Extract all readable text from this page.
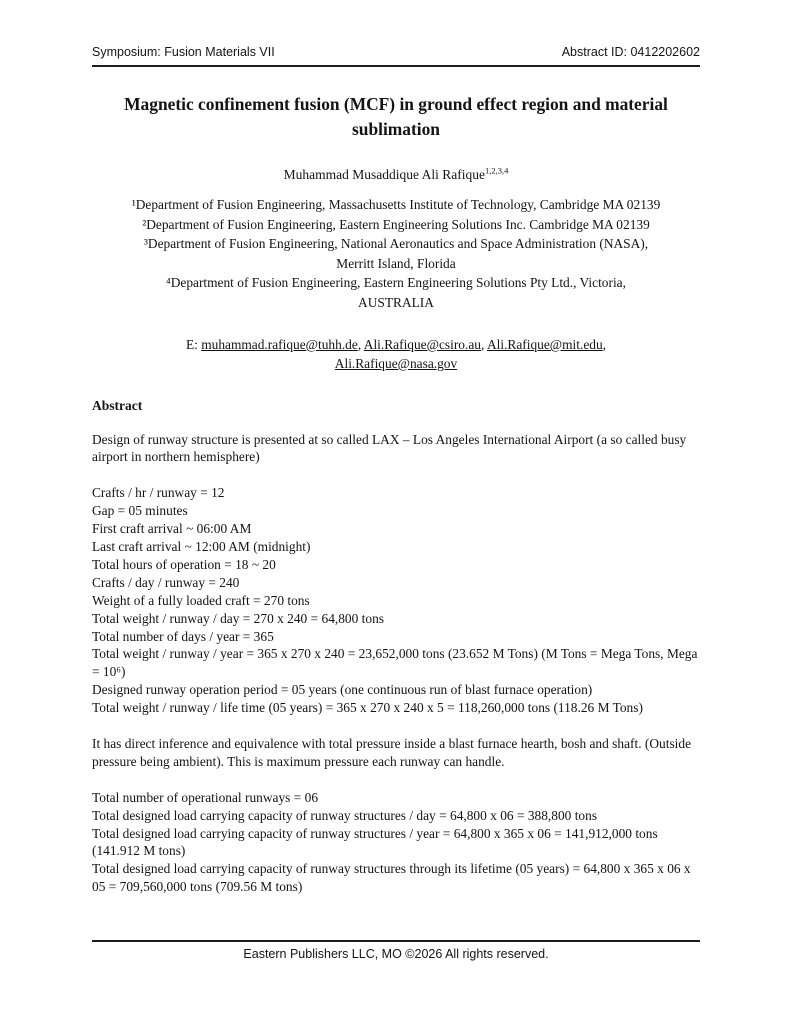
Symposium: Fusion Materials VII	Abstract ID: 0412202602
Magnetic confinement fusion (MCF) in ground effect region and material sublimation
Muhammad Musaddique Ali Rafique$^{1,2,3,4}$
¹Department of Fusion Engineering, Massachusetts Institute of Technology, Cambridge MA 02139
²Department of Fusion Engineering, Eastern Engineering Solutions Inc. Cambridge MA 02139
³Department of Fusion Engineering, National Aeronautics and Space Administration (NASA),
Merritt Island, Florida
⁴Department of Fusion Engineering, Eastern Engineering Solutions Pty Ltd., Victoria,
AUSTRALIA
E: muhammad.rafique@tuhh.de, Ali.Rafique@csiro.au, Ali.Rafique@mit.edu,
Ali.Rafique@nasa.gov
Abstract
Design of runway structure is presented at so called LAX – Los Angeles International Airport (a so called busy airport in northern hemisphere)
Crafts / hr / runway = 12
Gap = 05 minutes
First craft arrival ~ 06:00 AM
Last craft arrival ~ 12:00 AM (midnight)
Total hours of operation = 18 ~ 20
Crafts / day / runway = 240
Weight of a fully loaded craft = 270 tons
Total weight / runway / day = 270 x 240 = 64,800 tons
Total number of days / year = 365
Total weight / runway / year = 365 x 270 x 240 = 23,652,000 tons (23.652 M Tons) (M Tons = Mega Tons, Mega = 10⁶)
Designed runway operation period = 05 years (one continuous run of blast furnace operation)
Total weight / runway / life time (05 years) = 365 x 270 x 240 x 5 = 118,260,000 tons (118.26 M Tons)
It has direct inference and equivalence with total pressure inside a blast furnace hearth, bosh and shaft. (Outside pressure being ambient). This is maximum pressure each runway can handle.
Total number of operational runways = 06
Total designed load carrying capacity of runway structures / day = 64,800 x 06 = 388,800 tons
Total designed load carrying capacity of runway structures / year = 64,800 x 365 x 06 = 141,912,000 tons (141.912 M tons)
Total designed load carrying capacity of runway structures through its lifetime (05 years) = 64,800 x 365 x 06 x 05 = 709,560,000 tons (709.56 M tons)
Eastern Publishers LLC, MO ©2026 All rights reserved.
